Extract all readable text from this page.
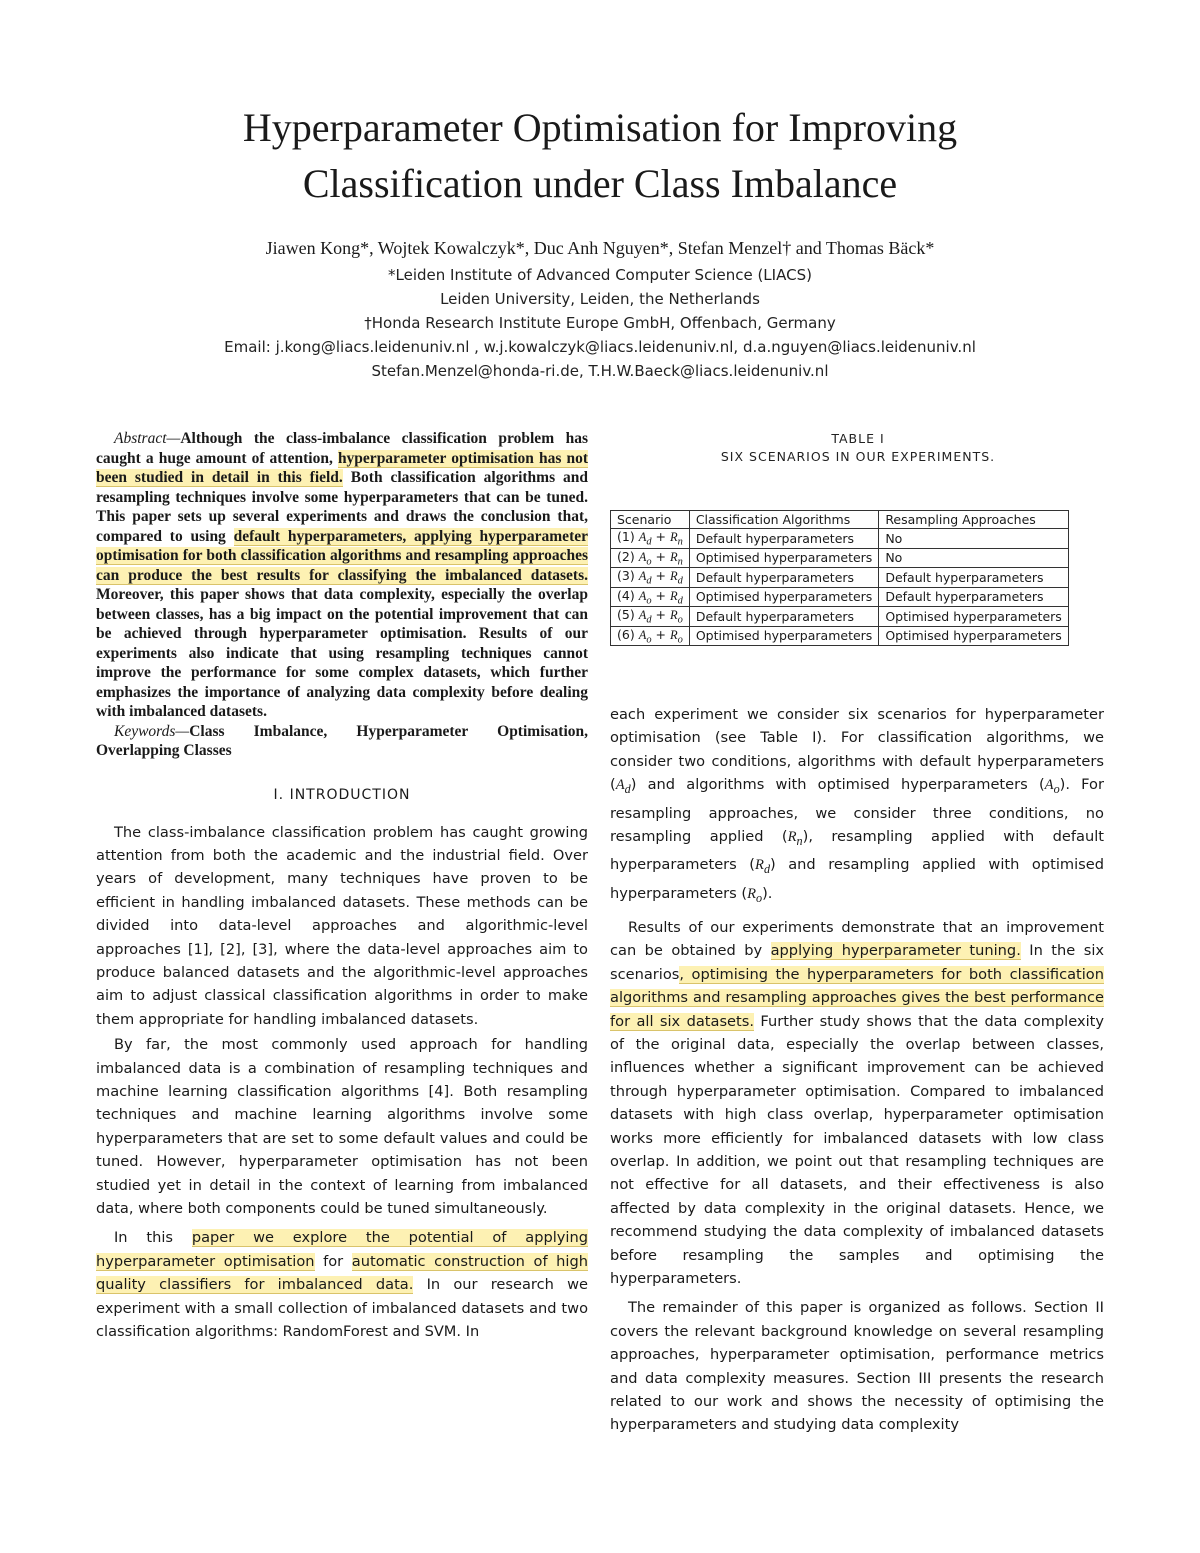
Hyperparameter Optimisation for Improving
Classification under Class Imbalance
Jiawen Kong*, Wojtek Kowalczyk*, Duc Anh Nguyen*, Stefan Menzel† and Thomas Bäck*
*Leiden Institute of Advanced Computer Science (LIACS)
Leiden University, Leiden, the Netherlands
†Honda Research Institute Europe GmbH, Offenbach, Germany
Email: j.kong@liacs.leidenuniv.nl , w.j.kowalczyk@liacs.leidenuniv.nl, d.a.nguyen@liacs.leidenuniv.nl
Stefan.Menzel@honda-ri.de, T.H.W.Baeck@liacs.leidenuniv.nl

Abstract—Although the class-imbalance classification problem has caught a huge amount of attention, hyperparameter optimisation has not been studied in detail in this field. Both classification algorithms and resampling techniques involve some hyperparameters that can be tuned. This paper sets up several experiments and draws the conclusion that, compared to using default hyperparameters, applying hyperparameter optimisation for both classification algorithms and resampling approaches can produce the best results for classifying the imbalanced datasets. Moreover, this paper shows that data complexity, especially the overlap between classes, has a big impact on the potential improvement that can be achieved through hyperparameter optimisation. Results of our experiments also indicate that using resampling techniques cannot improve the performance for some complex datasets, which further emphasizes the importance of analyzing data complexity before dealing with imbalanced datasets.

Keywords—Class Imbalance, Hyperparameter Optimisation, Overlapping Classes

I. INTRODUCTION

The class-imbalance classification problem has caught growing attention from both the academic and the industrial field. Over years of development, many techniques have proven to be efficient in handling imbalanced datasets. These methods can be divided into data-level approaches and algorithmic-level approaches [1], [2], [3], where the data-level approaches aim to produce balanced datasets and the algorithmic-level approaches aim to adjust classical classification algorithms in order to make them appropriate for handling imbalanced datasets.

By far, the most commonly used approach for handling imbalanced data is a combination of resampling techniques and machine learning classification algorithms [4]. Both resampling techniques and machine learning algorithms involve some hyperparameters that are set to some default values and could be tuned. However, hyperparameter optimisation has not been studied yet in detail in the context of learning from imbalanced data, where both components could be tuned simultaneously.

In this paper we explore the potential of applying hyperparameter optimisation for automatic construction of high quality classifiers for imbalanced data. In our research we experiment with a small collection of imbalanced datasets and two classification algorithms: RandomForest and SVM. In

TABLE I
SIX SCENARIOS IN OUR EXPERIMENTS.
Scenario	Classification Algorithms	Resampling Approaches
(1) $A_d + R_n$	Default hyperparameters	No
(2) $A_o + R_n$	Optimised hyperparameters	No
(3) $A_d + R_d$	Default hyperparameters	Default hyperparameters
(4) $A_o + R_d$	Optimised hyperparameters	Default hyperparameters
(5) $A_d + R_o$	Default hyperparameters	Optimised hyperparameters
(6) $A_o + R_o$	Optimised hyperparameters	Optimised hyperparameters

each experiment we consider six scenarios for hyperparameter optimisation (see Table I). For classification algorithms, we consider two conditions, algorithms with default hyperparameters $(A_d)$ and algorithms with optimised hyperparameters $(A_o)$. For resampling approaches, we consider three conditions, no resampling applied $(R_n)$, resampling applied with default hyperparameters $(R_d)$ and resampling applied with optimised hyperparameters $(R_o)$.

Results of our experiments demonstrate that an improvement can be obtained by applying hyperparameter tuning. In the six scenarios, optimising the hyperparameters for both classification algorithms and resampling approaches gives the best performance for all six datasets. Further study shows that the data complexity of the original data, especially the overlap between classes, influences whether a significant improvement can be achieved through hyperparameter optimisation. Compared to imbalanced datasets with high class overlap, hyperparameter optimisation works more efficiently for imbalanced datasets with low class overlap. In addition, we point out that resampling techniques are not effective for all datasets, and their effectiveness is also affected by data complexity in the original datasets. Hence, we recommend studying the data complexity of imbalanced datasets before resampling the samples and optimising the hyperparameters.

The remainder of this paper is organized as follows. Section II covers the relevant background knowledge on several resampling approaches, hyperparameter optimisation, performance metrics and data complexity measures. Section III presents the research related to our work and shows the necessity of optimising the hyperparameters and studying data complexity
